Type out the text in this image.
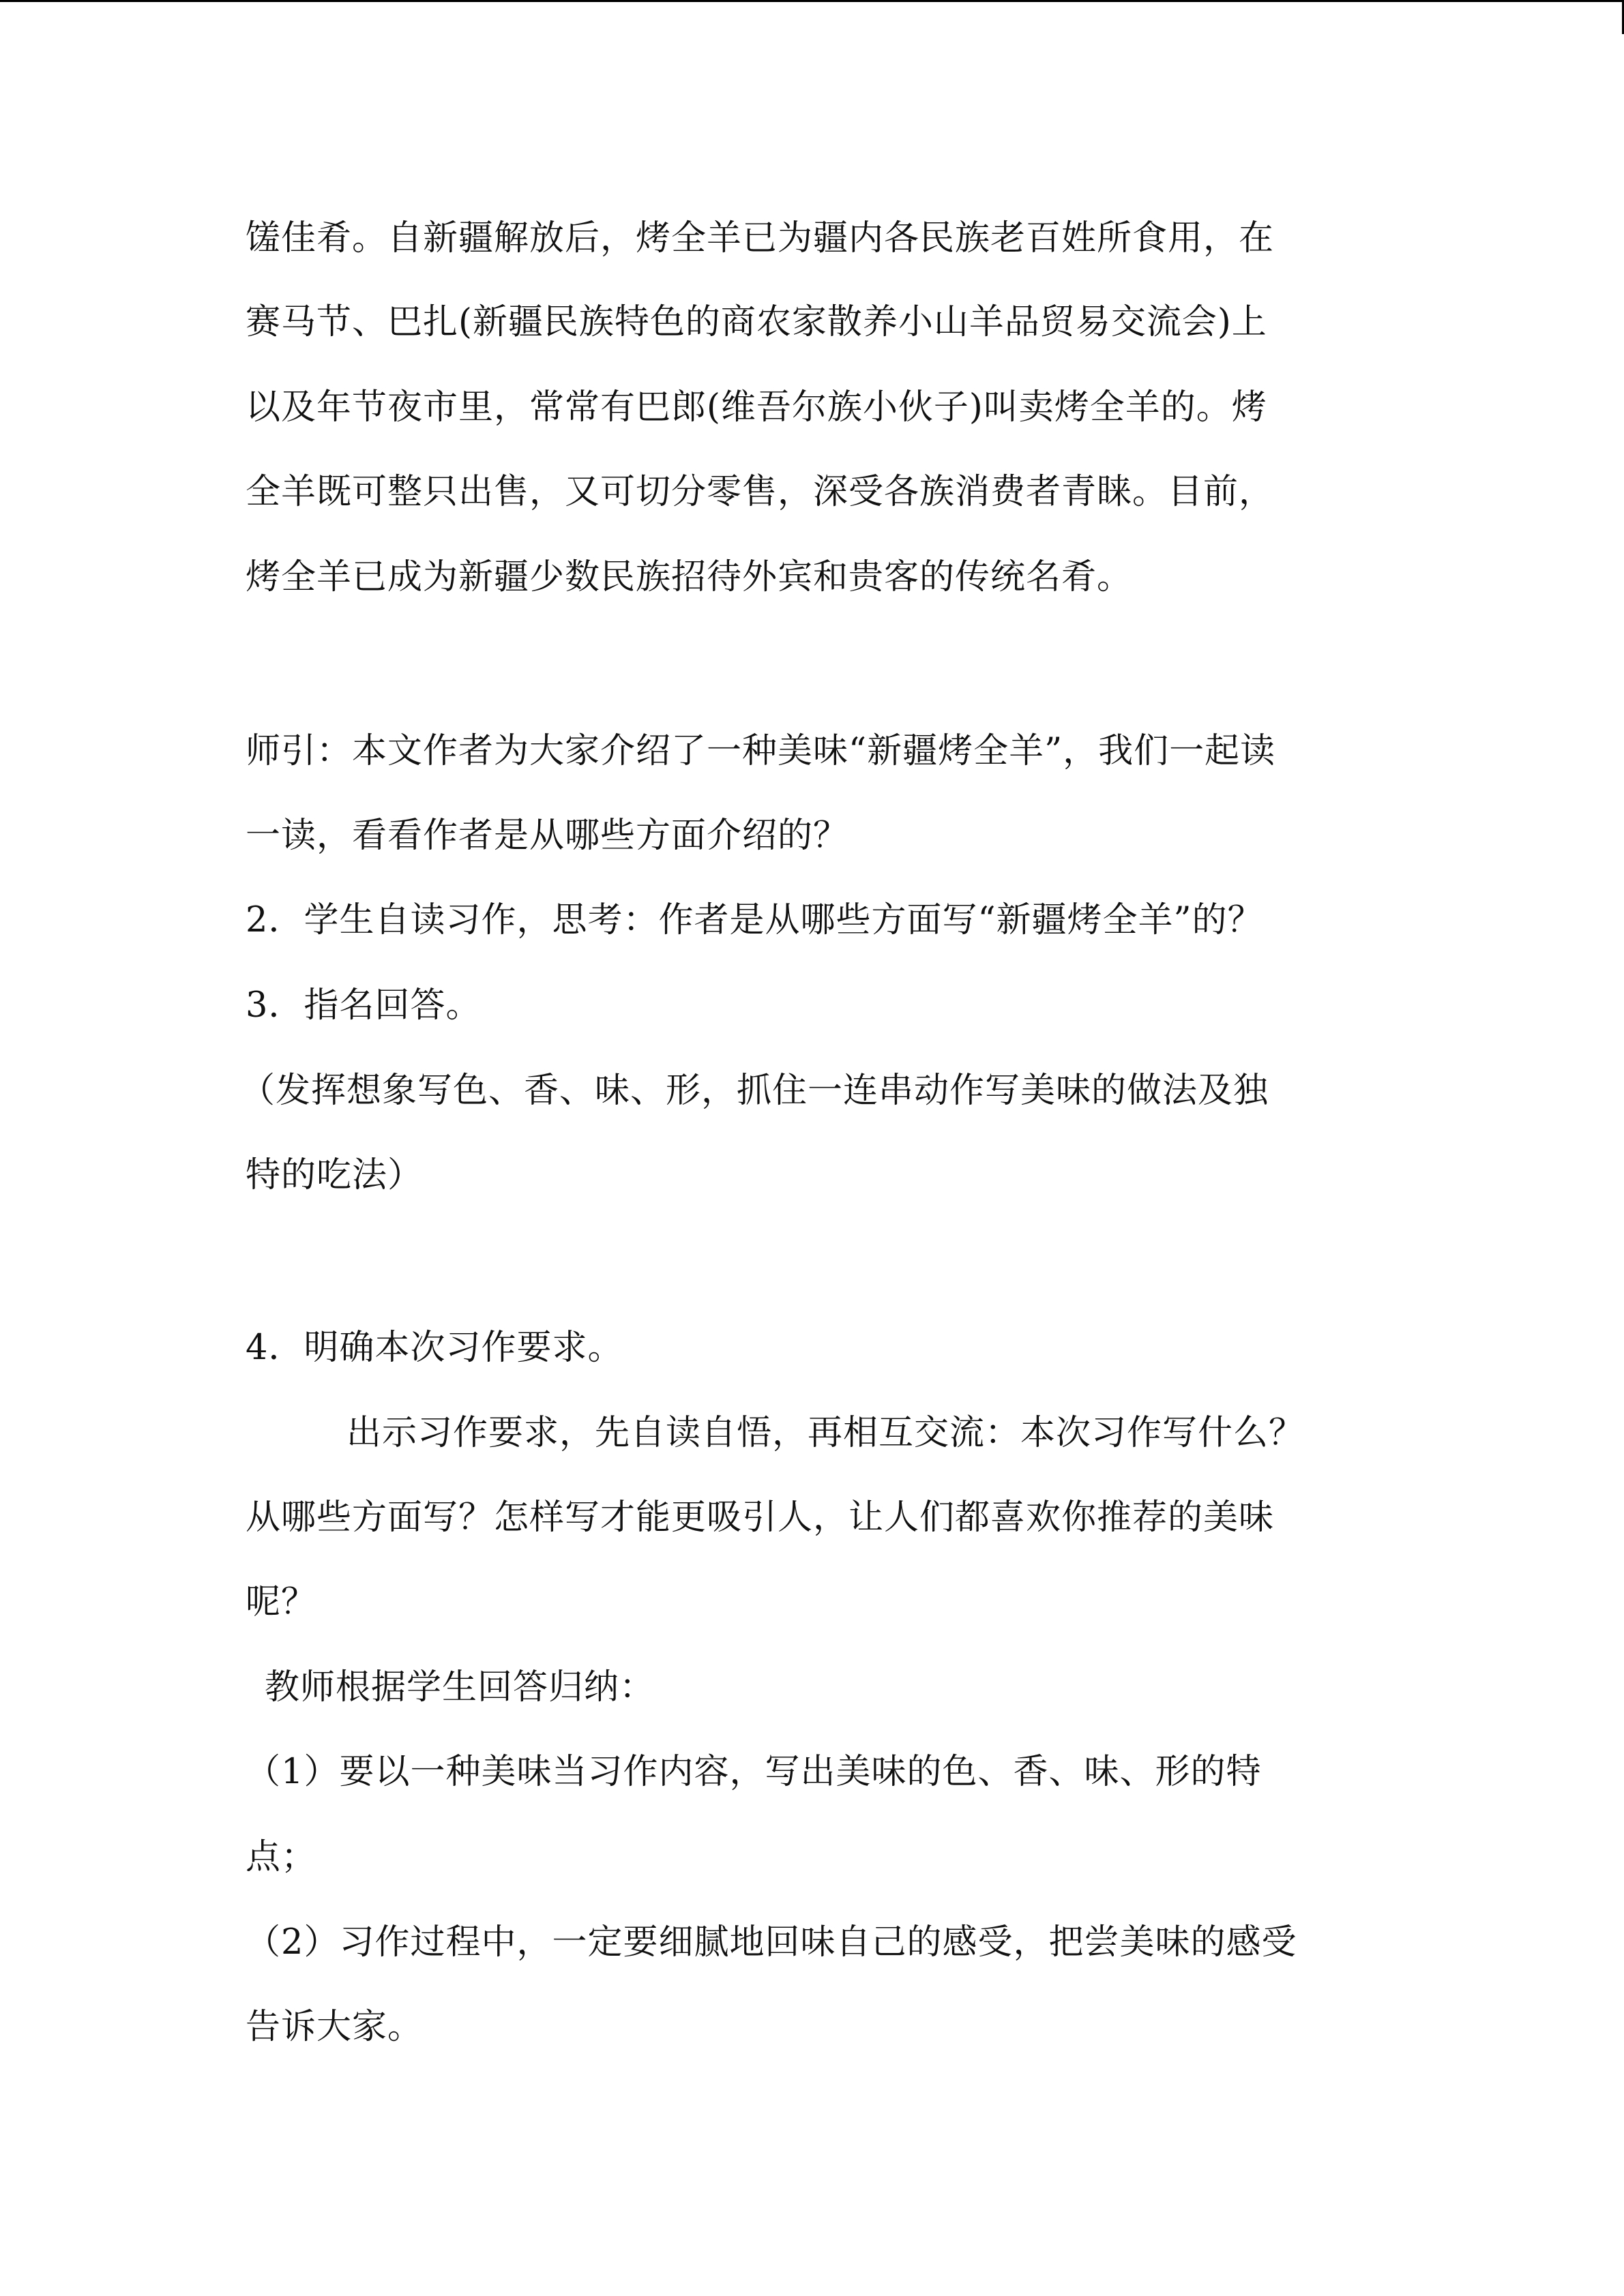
馐佳肴。自新疆解放后，烤全羊已为疆内各民族老百姓所食用，在
赛马节、巴扎(新疆民族特色的商农家散养小山羊品贸易交流会)上
以及年节夜市里，常常有巴郎(维吾尔族小伙子)叫卖烤全羊的。烤
全羊既可整只出售，又可切分零售，深受各族消费者青睐。目前，
烤全羊已成为新疆少数民族招待外宾和贵客的传统名肴。
师引：本文作者为大家介绍了一种美味“新疆烤全羊”，我们一起读
一读，看看作者是从哪些方面介绍的？
2．学生自读习作，思考：作者是从哪些方面写“新疆烤全羊”的？
3．指名回答。
（发挥想象写色、香、味、形，抓住一连串动作写美味的做法及独
特的吃法）
4．明确本次习作要求。
出示习作要求，先自读自悟，再相互交流：本次习作写什么？
从哪些方面写？怎样写才能更吸引人，让人们都喜欢你推荐的美味
呢？
教师根据学生回答归纳：
（1）要以一种美味当习作内容，写出美味的色、香、味、形的特
点；
（2）习作过程中，一定要细腻地回味自己的感受，把尝美味的感受
告诉大家。
